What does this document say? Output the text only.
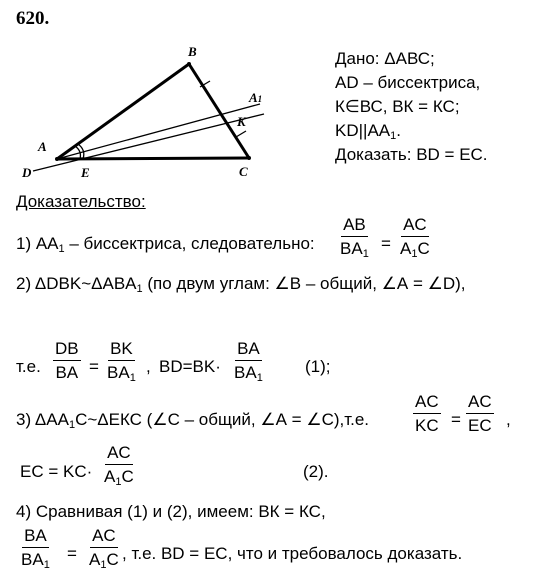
620.
B
A1
K
A
D	E	C
Дано: ΔАВС;
AD – биссектриса,
К∈ВС, ВК = КС;
$KD||AA_1$.
Доказать: BD = ЕС.
Доказательство:
1) $АА_1$ – биссектриса, следовательно: $\frac{AB}{BA_1} = \frac{AC}{A_1C}$
2) $\Delta DBK\sim\Delta ABA_1$ (по двум углам: ∠В – общий, ∠А = ∠D),
т.е. $\frac{DB}{BA} = \frac{BK}{BA_1}$ , $BD=BK\cdot \frac{BA}{BA_1} (1)$;
3) $\Delta АА_1С\sim\Delta ЕКС$ (∠С – общий, ∠А = ∠С),т.е.	$\frac{AC}{KC} = \frac{AC}{EC}$ ,
EC = $KC\cdot \frac{AC}{A_1C}$	(2).
4) Сравнивая (1) и (2), имеем: ВК = КС,
$\frac{BA}{BA_1} = \frac{AC}{A_1C}$ , т.е. BD = ЕС, что и требовалось доказать.
